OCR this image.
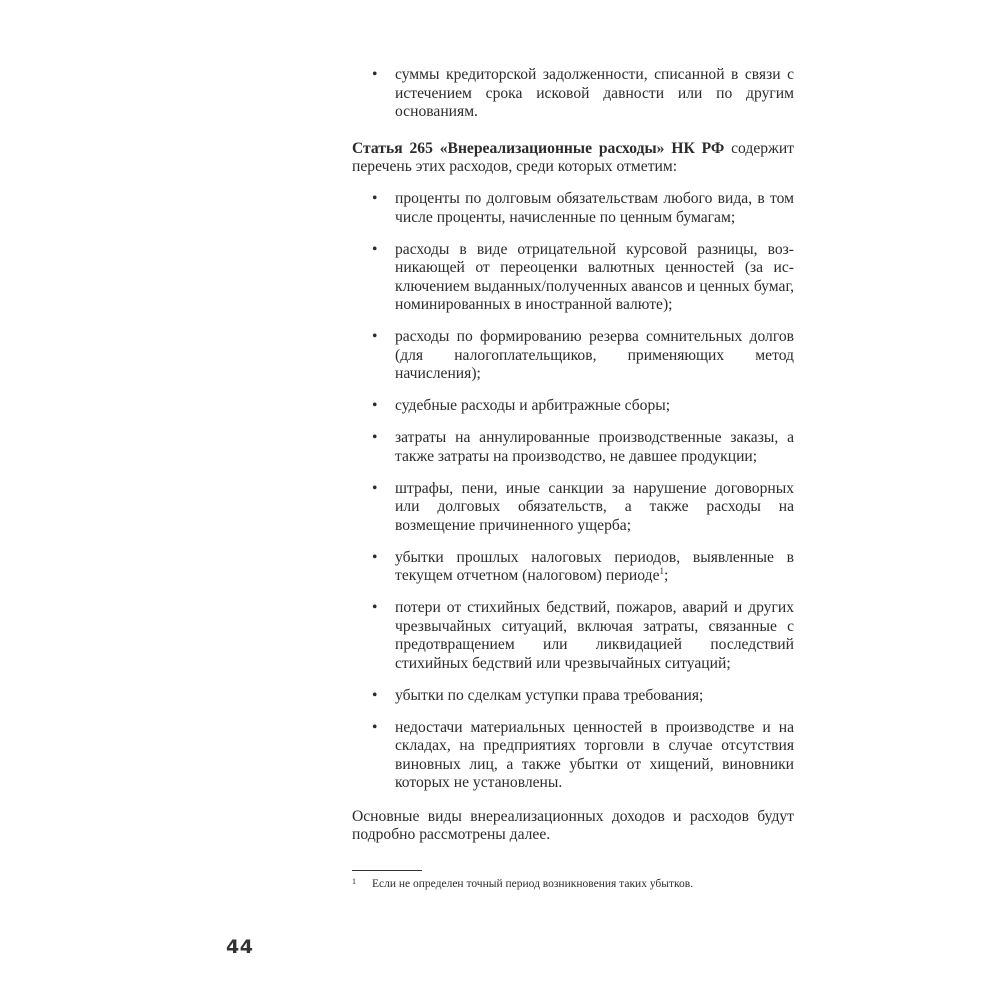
• суммы кредиторской задолженности, списанной в связи с истечением срока исковой давности или по другим основаниям.

Статья 265 «Внереализационные расходы» НК РФ содержит перечень этих расходов, среди которых отметим:

• проценты по долговым обязательствам любого вида, в том числе проценты, начисленные по ценным бумагам;
• расходы в виде отрицательной курсовой разницы, возникающей от переоценки валютных ценностей (за исключением выданных/полученных авансов и ценных бумаг, номинированных в иностранной валюте);
• расходы по формированию резерва сомнительных долгов (для налогоплательщиков, применяющих метод начисления);
• судебные расходы и арбитражные сборы;
• затраты на аннулированные производственные заказы, а также затраты на производство, не давшее продукции;
• штрафы, пени, иные санкции за нарушение договорных или долговых обязательств, а также расходы на возмещение причиненного ущерба;
• убытки прошлых налоговых периодов, выявленные в текущем отчетном (налоговом) периоде$^1$;
• потери от стихийных бедствий, пожаров, аварий и других чрезвычайных ситуаций, включая затраты, связанные с предотвращением или ликвидацией последствий стихийных бедствий или чрезвычайных ситуаций;
• убытки по сделкам уступки права требования;
• недостачи материальных ценностей в производстве и на складах, на предприятиях торговли в случае отсутствия виновных лиц, а также убытки от хищений, виновники которых не установлены.

Основные виды внереализационных доходов и расходов будут подробно рассмотрены далее.

1 Если не определен точный период возникновения таких убытков.
44
